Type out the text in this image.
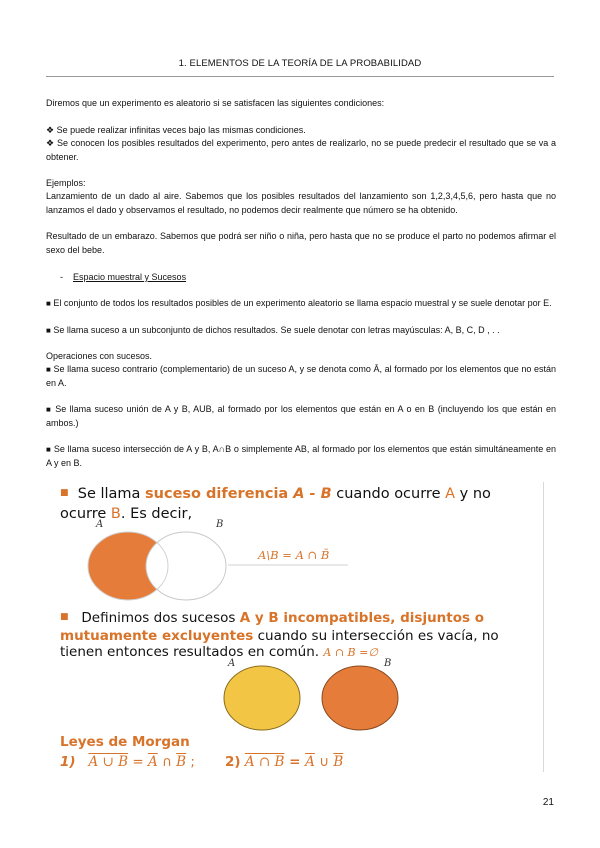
1. ELEMENTOS DE LA TEORÍA DE LA PROBABILIDAD

Diremos que un experimento es aleatorio si se satisfacen las siguientes condiciones:

❖ Se puede realizar infinitas veces bajo las mismas condiciones.

❖ Se conocen los posibles resultados del experimento, pero antes de realizarlo, no se puede predecir el resultado que se va a obtener.

Ejemplos:

Lanzamiento de un dado al aire. Sabemos que los posibles resultados del lanzamiento son 1,2,3,4,5,6, pero hasta que no lanzamos el dado y observamos el resultado, no podemos decir realmente que número se ha obtenido.

Resultado de un embarazo. Sabemos que podrá ser niño o niña, pero hasta que no se produce el parto no podemos afirmar el sexo del bebe.

- Espacio muestral y Sucesos

■ El conjunto de todos los resultados posibles de un experimento aleatorio se llama espacio muestral y se suele denotar por E.

■ Se llama suceso a un subconjunto de dichos resultados. Se suele denotar con letras mayúsculas: A, B, C, D , . .

Operaciones con sucesos.

■ Se llama suceso contrario (complementario) de un suceso A, y se denota como Ā, al formado por los elementos que no están en A.

■ Se llama suceso unión de A y B, AUB, al formado por los elementos que están en A o en B (incluyendo los que están en ambos.)

■ Se llama suceso intersección de A y B, A∩B o simplemente AB, al formado por los elementos que están simultáneamente en A y en B.

■ Se llama suceso diferencia A - B cuando ocurre A y no ocurre B. Es decir,
A	B
A\B = A ∩ B̄
■ Definimos dos sucesos A y B incompatibles, disjuntos o mutuamente excluyentes cuando su intersección es vacía, no tienen entonces resultados en común. A ∩ B =∅
A	B
Leyes de Morgan
1) A ∪ $B = \overline{A}$ ∩ $\overline{B}$ ; 2) A ∩ $B = \overline{A}$ ∪ $\overline{B}$
21
